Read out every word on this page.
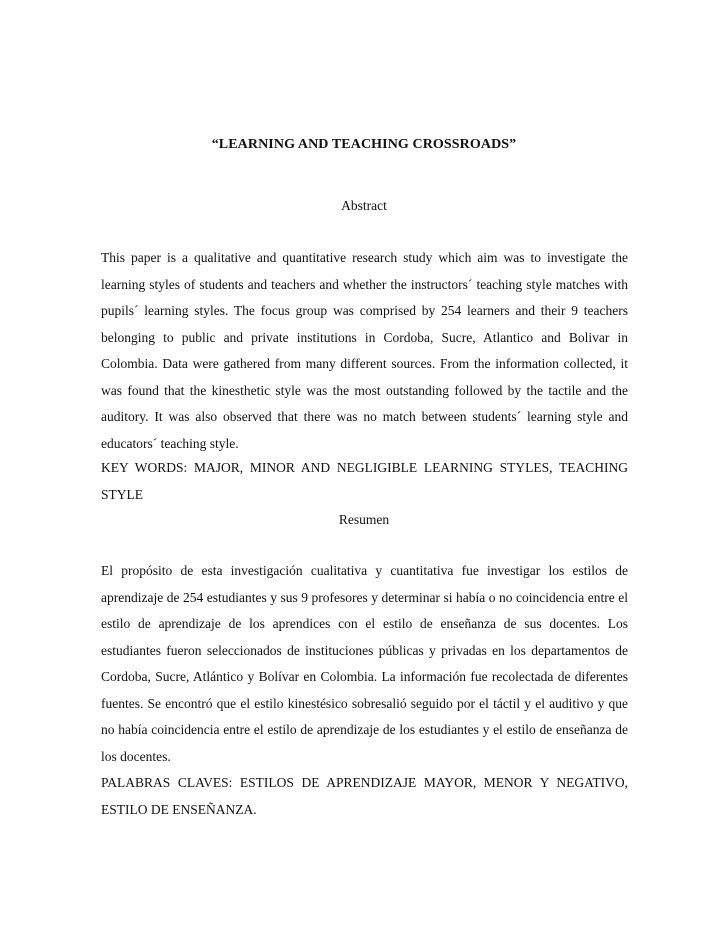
“LEARNING AND TEACHING CROSSROADS”
Abstract

This paper is a qualitative and quantitative research study which aim was to investigate the learning styles of students and teachers and whether the instructors´ teaching style matches with pupils´ learning styles. The focus group was comprised by 254 learners and their 9 teachers belonging to public and private institutions in Cordoba, Sucre, Atlantico and Bolivar in Colombia. Data were gathered from many different sources. From the information collected, it was found that the kinesthetic style was the most outstanding followed by the tactile and the auditory. It was also observed that there was no match between students´ learning style and educators´ teaching style.

KEY WORDS: MAJOR, MINOR AND NEGLIGIBLE LEARNING STYLES, TEACHING STYLE

Resumen

El propósito de esta investigación cualitativa y cuantitativa fue investigar los estilos de aprendizaje de 254 estudiantes y sus 9 profesores y determinar si había o no coincidencia entre el estilo de aprendizaje de los aprendices con el estilo de enseñanza de sus docentes. Los estudiantes fueron seleccionados de instituciones públicas y privadas en los departamentos de Cordoba, Sucre, Atlántico y Bolívar en Colombia. La información fue recolectada de diferentes fuentes. Se encontró que el estilo kinestésico sobresalió seguido por el táctil y el auditivo y que no había coincidencia entre el estilo de aprendizaje de los estudiantes y el estilo de enseñanza de los docentes.

PALABRAS CLAVES: ESTILOS DE APRENDIZAJE MAYOR, MENOR Y NEGATIVO, ESTILO DE ENSEÑANZA.
